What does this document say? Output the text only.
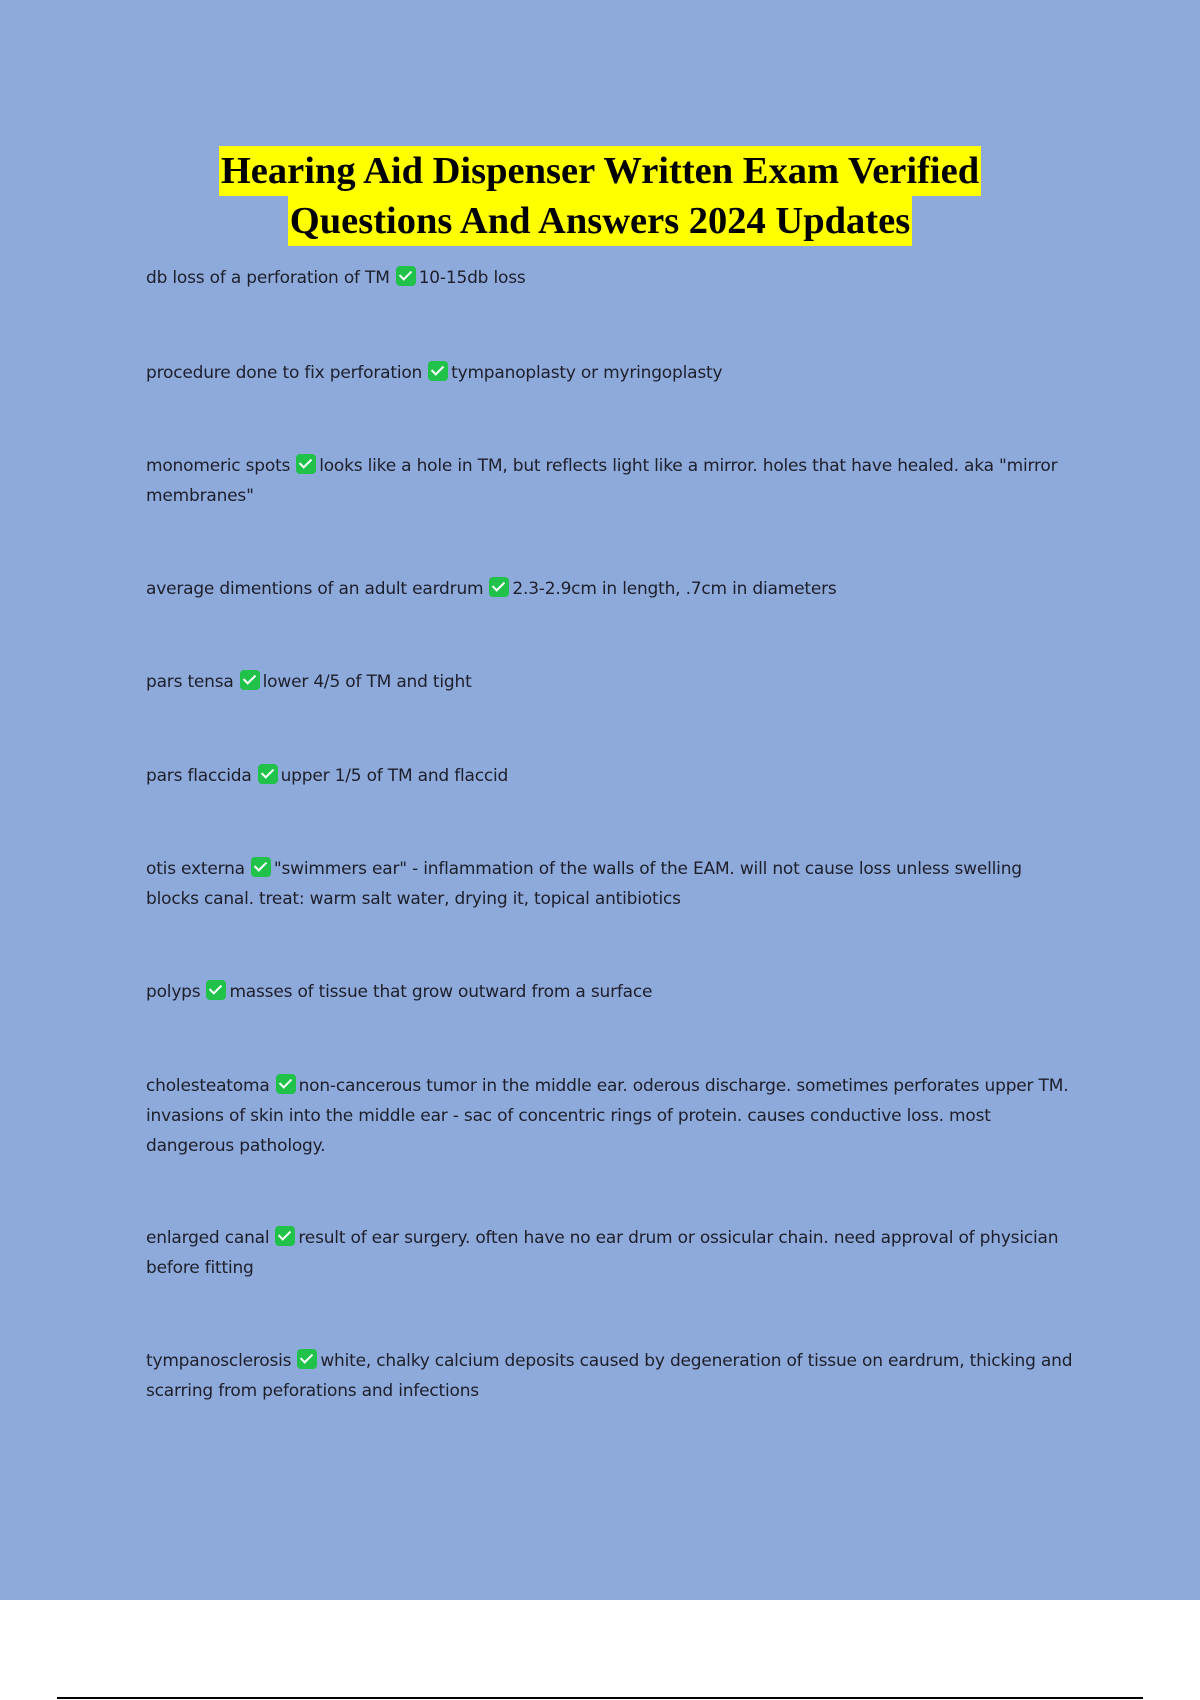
Hearing Aid Dispenser Written Exam Verified
Questions And Answers 2024 Updates

db loss of a perforation of TM 10-15db loss

procedure done to fix perforation tympanoplasty or myringoplasty

monomeric spots looks like a hole in TM, but reflects light like a mirror. holes that have healed. aka "mirror membranes"

average dimentions of an adult eardrum 2.3-2.9cm in length, .7cm in diameters

pars tensa lower 4/5 of TM and tight

pars flaccida upper 1/5 of TM and flaccid

otis externa "swimmers ear" - inflammation of the walls of the EAM. will not cause loss unless swelling blocks canal. treat: warm salt water, drying it, topical antibiotics

polyps masses of tissue that grow outward from a surface

cholesteatoma non-cancerous tumor in the middle ear. oderous discharge. sometimes perforates upper TM. invasions of skin into the middle ear - sac of concentric rings of protein. causes conductive loss. most dangerous pathology.

enlarged canal result of ear surgery. often have no ear drum or ossicular chain. need approval of physician before fitting

tympanosclerosis white, chalky calcium deposits caused by degeneration of tissue on eardrum, thicking and scarring from peforations and infections
